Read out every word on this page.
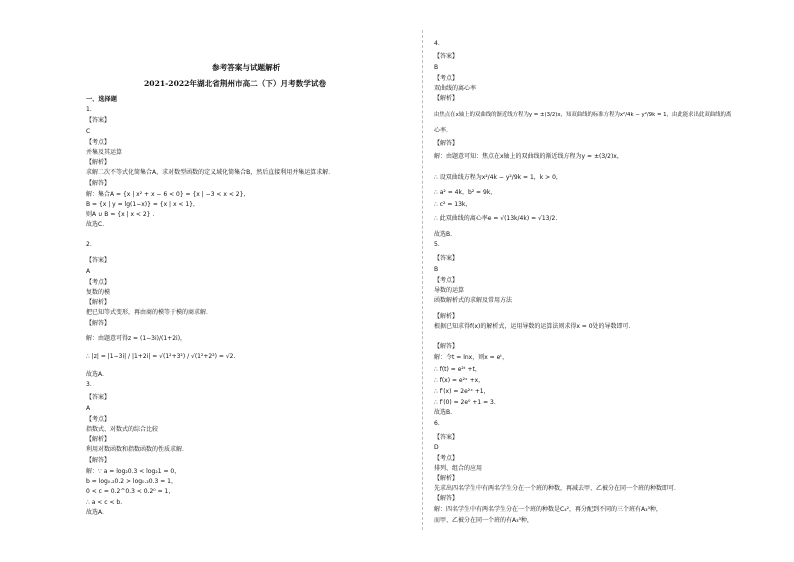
参考答案与试题解析
2021-2022年湖北省荆州市高二（下）月考数学试卷
一、选择题
1.
【答案】
C
【考点】
并集及其运算
【解析】
求解二次不等式化简集合A，求对数型函数的定义域化简集合B，然后直接利用并集运算求解．
【解答】
解：集合A = {x | x² + x − 6 < 0} = {x | −3 < x < 2},
B = {x | y = lg(1−x)} = {x | x < 1},
则A ∪ B = {x | x < 2} .
故选C.
2.
【答案】
A
【考点】
复数的模
【解析】
把已知等式变形，再由商的模等于模的商求解．
【解答】
解：由题意可得z = (1−3i)/(1+2i)，
∴ |z| = |1−3i| / |1+2i| = √(1²+3²) / √(1²+2²) = √2.
故选A.
3.
【答案】
A
【考点】
指数式、对数式的综合比较
【解析】
利用对数函数和指数函数的性质求解．
【解答】
解：∵ a = log₂0.3 < log₂1 = 0，
b = log₀.₂0.2 > log₀.₂0.3 = 1，
0 < c = 0.2^0.3 < 0.2⁰ = 1，
∴ a < c < b.
故选A.
4.
【答案】
B
【考点】
双曲线的离心率
【解析】
由焦点在x轴上的双曲线的渐近线方程为y = ±(3/2)x，知双曲线的标准方程为x²/4k − y²/9k = 1，由此能求出此双曲线的离
心率．
【解答】
解：由题意可知：焦点在x轴上的双曲线的渐近线方程为y = ±(3/2)x，
∴ 设双曲线方程为x²/4k − y²/9k = 1，k > 0，
∴ a² = 4k，b² = 9k，
∴ c² = 13k，
∴ 此双曲线的离心率e = √(13k/4k) = √13/2.
故选B.
5.
【答案】
B
【考点】
导数的运算
函数解析式的求解及常用方法
【解析】
根据已知求得f(x)的解析式，运用导数的运算法则求得x = 0处的导数即可．
【解答】
解：令t = lnx，则x = eᵗ，
∴ f(t) = e²ᵗ +t，
∴ f(x) = e²ˣ +x，
∴ f′(x) = 2e²ˣ +1，
∴ f′(0) = 2e⁰ +1 = 3.
故选B.
6.
【答案】
D
【考点】
排列、组合的应用
【解析】
先求出四名学生中有两名学生分在一个班的种数，再减去甲、乙被分在同一个班的种数即可．
【解答】
解：四名学生中有两名学生分在一个班的种数是C₄²，再分配到不同的三个班有A₃³种，
而甲、乙被分在同一个班的有A₃³种，
